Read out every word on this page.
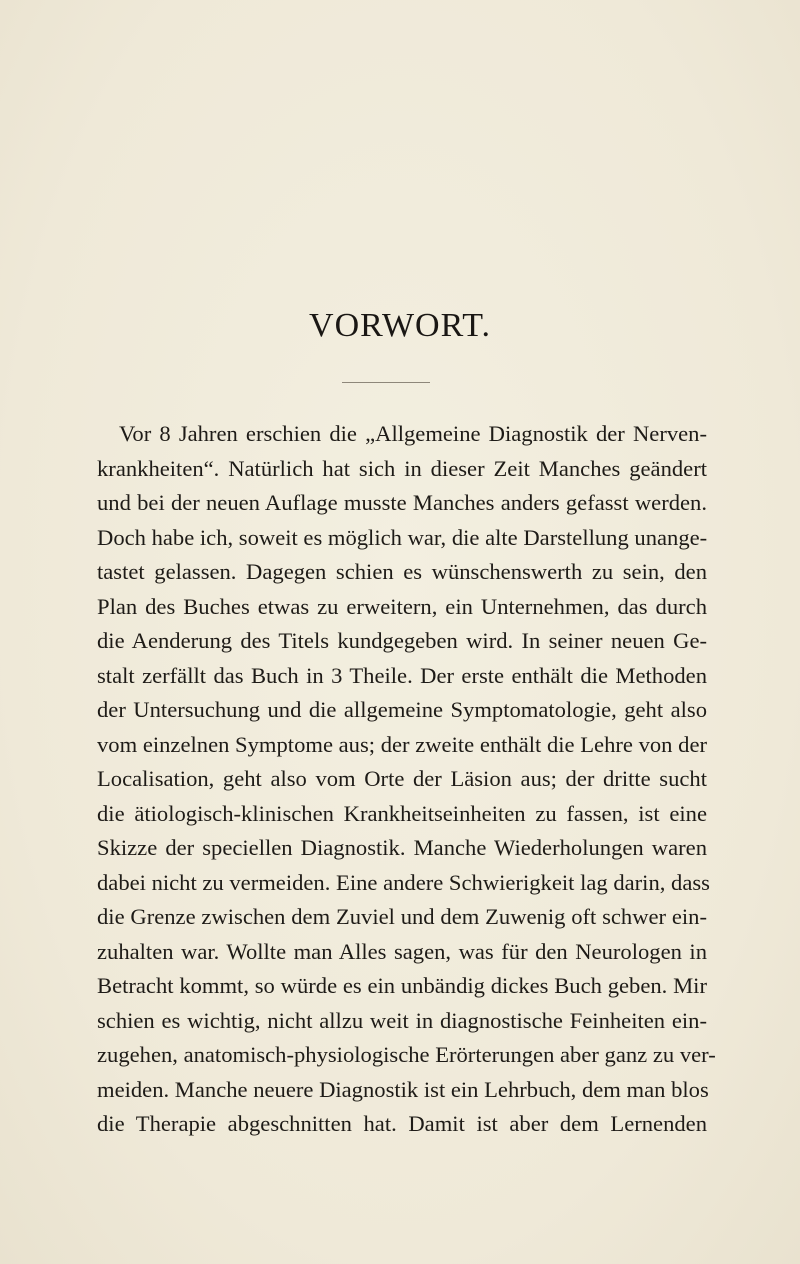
VORWORT.
Vor 8 Jahren erschien die „Allgemeine Diagnostik der Nerven-
krankheiten“. Natürlich hat sich in dieser Zeit Manches geändert
und bei der neuen Auflage musste Manches anders gefasst werden.
Doch habe ich, soweit es möglich war, die alte Darstellung unange-
tastet gelassen. Dagegen schien es wünschenswerth zu sein, den
Plan des Buches etwas zu erweitern, ein Unternehmen, das durch
die Aenderung des Titels kundgegeben wird. In seiner neuen Ge-
stalt zerfällt das Buch in 3 Theile. Der erste enthält die Methoden
der Untersuchung und die allgemeine Symptomatologie, geht also
vom einzelnen Symptome aus; der zweite enthält die Lehre von der
Localisation, geht also vom Orte der Läsion aus; der dritte sucht
die ätiologisch-klinischen Krankheitseinheiten zu fassen, ist eine
Skizze der speciellen Diagnostik. Manche Wiederholungen waren
dabei nicht zu vermeiden. Eine andere Schwierigkeit lag darin, dass
die Grenze zwischen dem Zuviel und dem Zuwenig oft schwer ein-
zuhalten war. Wollte man Alles sagen, was für den Neurologen in
Betracht kommt, so würde es ein unbändig dickes Buch geben. Mir
schien es wichtig, nicht allzu weit in diagnostische Feinheiten ein-
zugehen, anatomisch-physiologische Erörterungen aber ganz zu ver-
meiden. Manche neuere Diagnostik ist ein Lehrbuch, dem man blos
die Therapie abgeschnitten hat. Damit ist aber dem Lernenden
